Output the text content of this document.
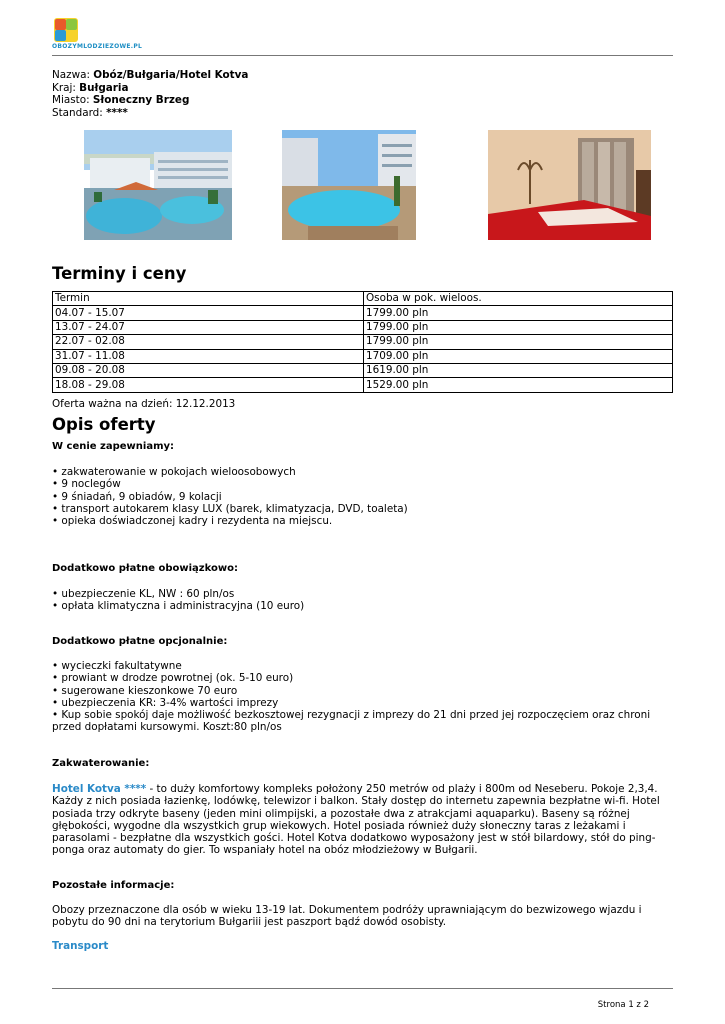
OBOZYMLODZIEZOWE.PL
Nazwa: Obóz/Bułgaria/Hotel Kotva
Kraj: Bułgaria
Miasto: Słoneczny Brzeg
Standard: ****
Terminy i ceny
Termin	Osoba w pok. wieloos.
04.07 - 15.07	1799.00 pln
13.07 - 24.07	1799.00 pln
22.07 - 02.08	1799.00 pln
31.07 - 11.08	1709.00 pln
09.08 - 20.08	1619.00 pln
18.08 - 29.08	1529.00 pln
Oferta ważna na dzień: 12.12.2013
Opis oferty
W cenie zapewniamy:
• zakwaterowanie w pokojach wieloosobowych
• 9 noclegów
• 9 śniadań, 9 obiadów, 9 kolacji
• transport autokarem klasy LUX (barek, klimatyzacja, DVD, toaleta)
• opieka doświadczonej kadry i rezydenta na miejscu.
Dodatkowo płatne obowiązkowo:
• ubezpieczenie KL, NW : 60 pln/os
• opłata klimatyczna i administracyjna (10 euro)
Dodatkowo płatne opcjonalnie:
• wycieczki fakultatywne
• prowiant w drodze powrotnej (ok. 5-10 euro)
• sugerowane kieszonkowe 70 euro
• ubezpieczenia KR: 3-4% wartości imprezy
• Kup sobie spokój daje możliwość bezkosztowej rezygnacji z imprezy do 21 dni przed jej rozpoczęciem oraz chroni przed dopłatami kursowymi. Koszt:80 pln/os
Zakwaterowanie:
Hotel Kotva **** - to duży komfortowy kompleks położony 250 metrów od plaży i 800m od Neseberu. Pokoje 2,3,4. Każdy z nich posiada łazienkę, lodówkę, telewizor i balkon. Stały dostęp do internetu zapewnia bezpłatne wi-fi. Hotel posiada trzy odkryte baseny (jeden mini olimpijski, a pozostałe dwa z atrakcjami aquaparku). Baseny są różnej głębokości, wygodne dla wszystkich grup wiekowych. Hotel posiada również duży słoneczny taras z leżakami i parasolami - bezpłatne dla wszystkich gości. Hotel Kotva dodatkowo wyposażony jest w stół bilardowy, stół do ping-ponga oraz automaty do gier. To wspaniały hotel na obóz młodzieżowy w Bułgarii.
Pozostałe informacje:
Obozy przeznaczone dla osób w wieku 13-19 lat. Dokumentem podróży uprawniającym do bezwizowego wjazdu i pobytu do 90 dni na terytorium Bułgariii jest paszport bądź dowód osobisty.
Transport
Strona 1 z 2
